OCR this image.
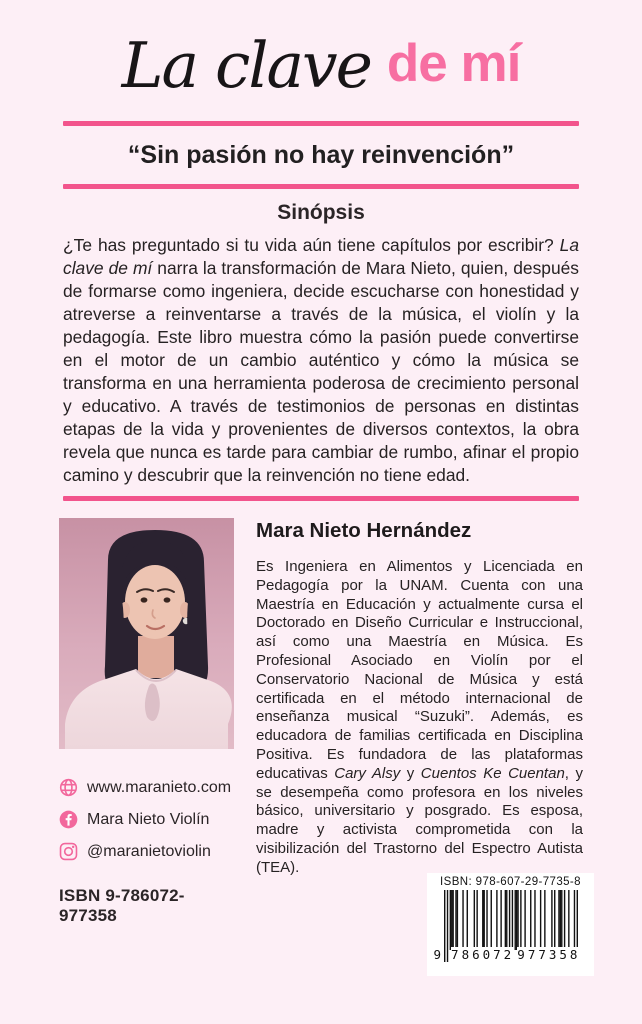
La clave de mí
“Sin pasión no hay reinvención”
Sinópsis

¿Te has preguntado si tu vida aún tiene capítulos por escribir? La clave de mí narra la transformación de Mara Nieto, quien, después de formarse como ingeniera, decide escucharse con honestidad y atreverse a reinventarse a través de la música, el violín y la pedagogía. Este libro muestra cómo la pasión puede convertirse en el motor de un cambio auténtico y cómo la música se transforma en una herramienta poderosa de crecimiento personal y educativo. A través de testimonios de personas en distintas etapas de la vida y provenientes de diversos contextos, la obra revela que nunca es tarde para cambiar de rumbo, afinar el propio camino y descubrir que la reinvención no tiene edad.

www.maranieto.com
Mara Nieto Violín
@maranietoviolin
ISBN 9-786072-977358
Mara Nieto Hernández

Es Ingeniera en Alimentos y Licenciada en Pedagogía por la UNAM. Cuenta con una Maestría en Educación y actualmente cursa el Doctorado en Diseño Curricular e Instruccional, así como una Maestría en Música. Es Profesional Asociado en Violín por el Conservatorio Nacional de Música y está certificada en el método internacional de enseñanza musical “Suzuki”. Además, es educadora de familias certificada en Disciplina Positiva. Es fundadora de las plataformas educativas Cary Alsy y Cuentos Ke Cuentan, y se desempeña como profesora en los niveles básico, universitario y posgrado. Es esposa, madre y activista comprometida con la visibilización del Trastorno del Espectro Autista (TEA).

ISBN: 978-607-29-7735-8
9 786072 977358
